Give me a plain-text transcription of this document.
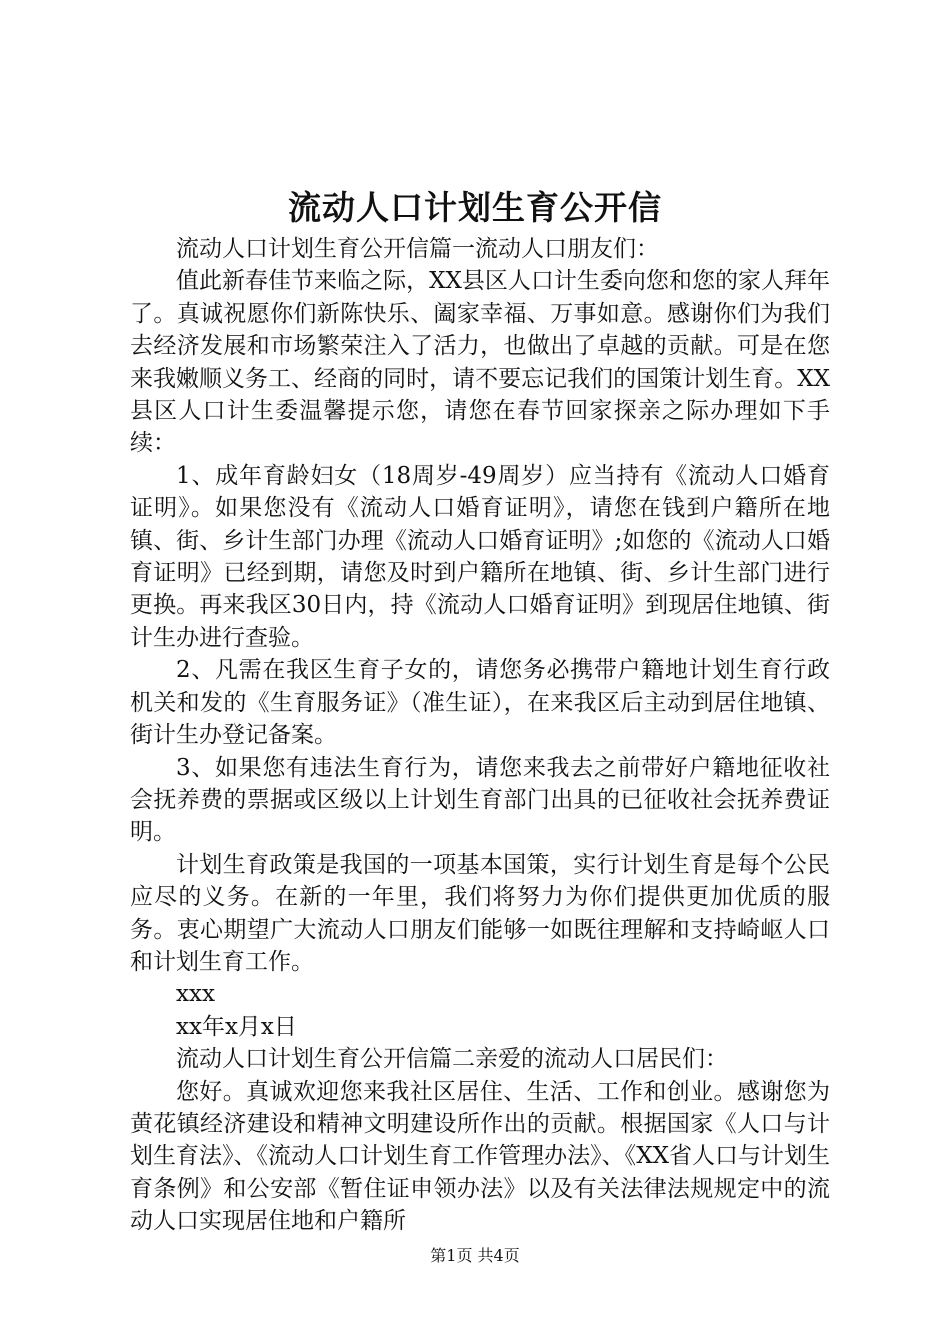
流动人口计划生育公开信

流动人口计划生育公开信篇一流动人口朋友们：

值此新春佳节来临之际，XX县区人口计生委向您和您的家人拜年了。真诚祝愿你们新陈快乐、阖家幸福、万事如意。感谢你们为我们去经济发展和市场繁荣注入了活力，也做出了卓越的贡献。可是在您来我嫩顺义务工、经商的同时，请不要忘记我们的国策计划生育。XX县区人口计生委温馨提示您，请您在春节回家探亲之际办理如下手续：

1、成年育龄妇女（18周岁-49周岁）应当持有《流动人口婚育证明》。如果您没有《流动人口婚育证明》，请您在钱到户籍所在地镇、街、乡计生部门办理《流动人口婚育证明》;如您的《流动人口婚育证明》已经到期，请您及时到户籍所在地镇、街、乡计生部门进行更换。再来我区30日内，持《流动人口婚育证明》到现居住地镇、街计生办进行查验。

2、凡需在我区生育子女的，请您务必携带户籍地计划生育行政机关和发的《生育服务证》（准生证），在来我区后主动到居住地镇、街计生办登记备案。

3、如果您有违法生育行为，请您来我去之前带好户籍地征收社会抚养费的票据或区级以上计划生育部门出具的已征收社会抚养费证明。

计划生育政策是我国的一项基本国策，实行计划生育是每个公民应尽的义务。在新的一年里，我们将努力为你们提供更加优质的服务。衷心期望广大流动人口朋友们能够一如既往理解和支持崎岖人口和计划生育工作。

xxx

xx年x月x日

流动人口计划生育公开信篇二亲爱的流动人口居民们：

您好。真诚欢迎您来我社区居住、生活、工作和创业。感谢您为黄花镇经济建设和精神文明建设所作出的贡献。根据国家《人口与计划生育法》、《流动人口计划生育工作管理办法》、《XX省人口与计划生育条例》和公安部《暂住证申领办法》以及有关法律法规规定中的流动人口实现居住地和户籍所

第1页 共4页
